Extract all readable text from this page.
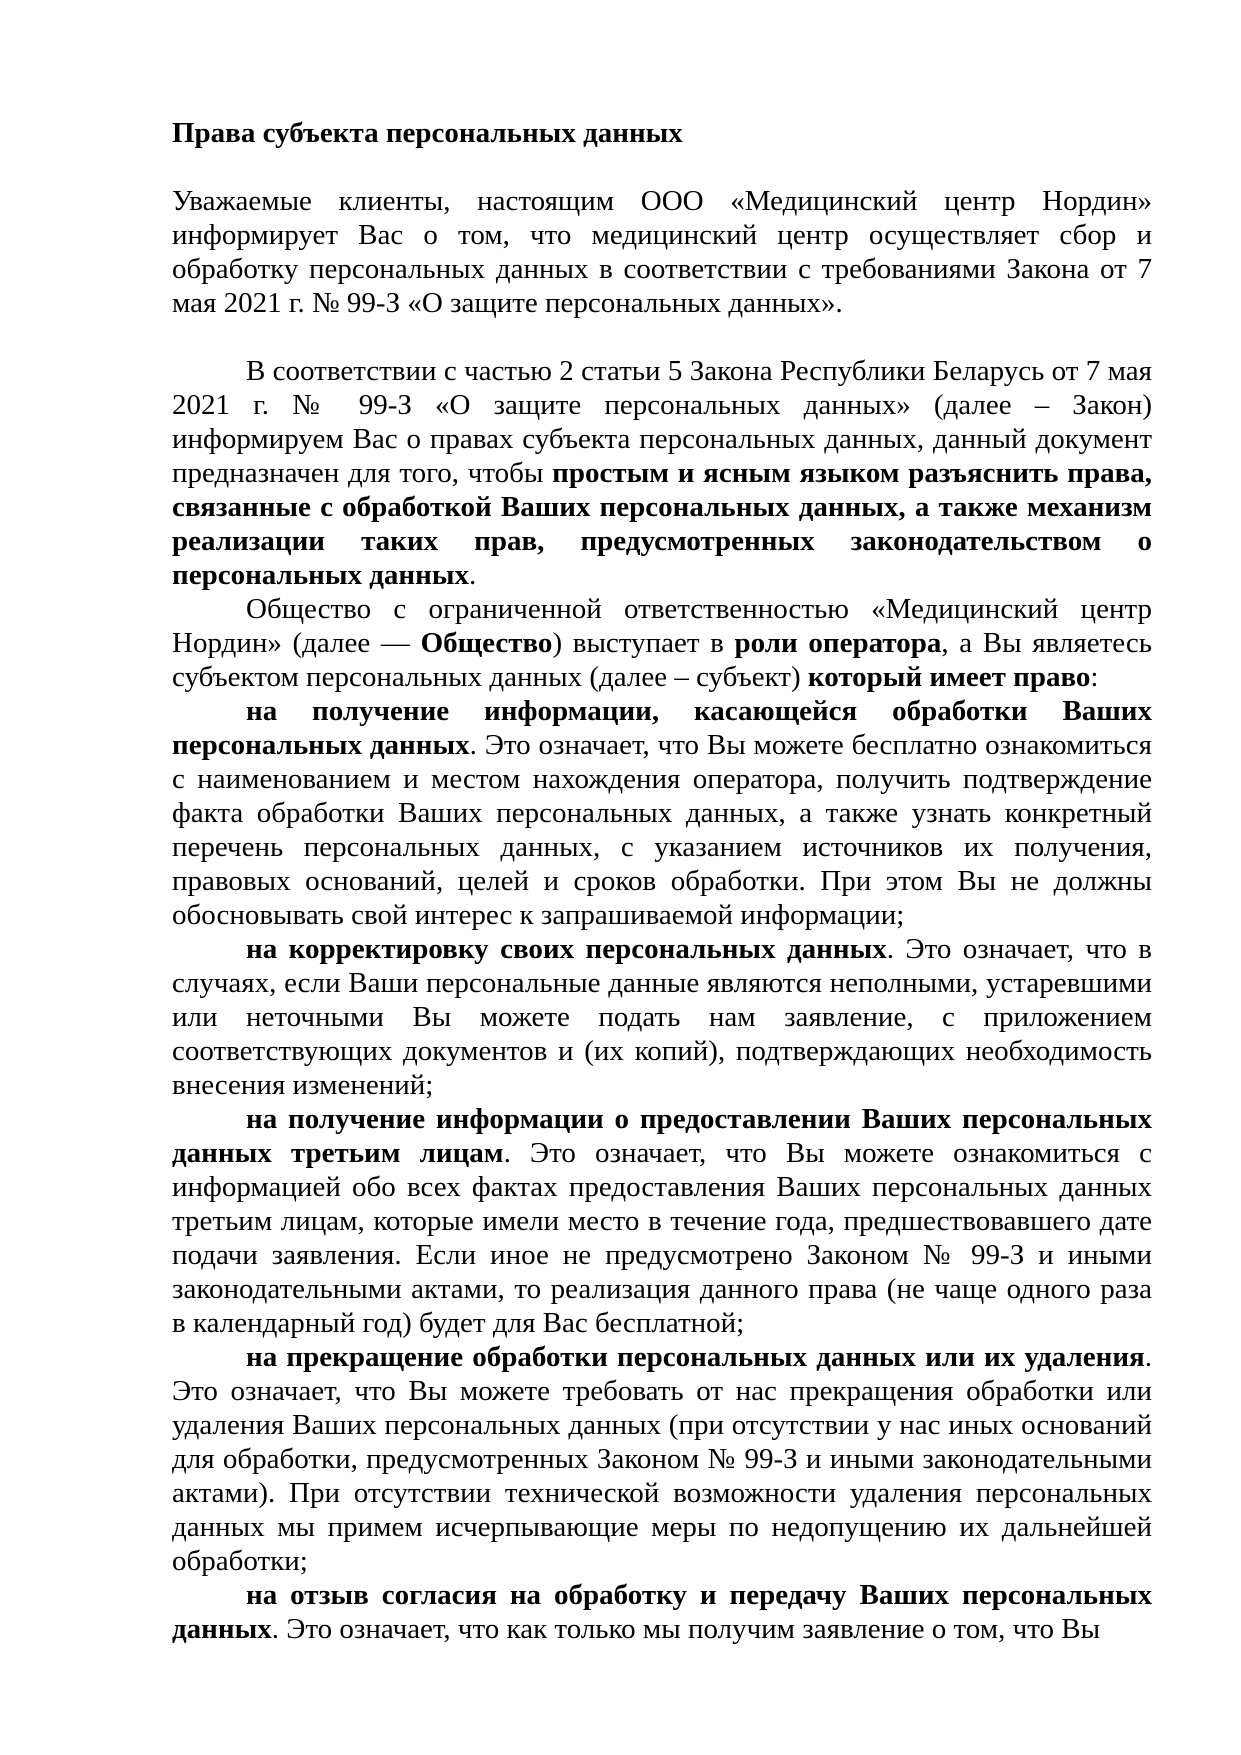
Права субъекта персональных данных

Уважаемые клиенты, настоящим ООО «Медицинский центр Нордин» информирует Вас о том, что медицинский центр осуществляет сбор и обработку персональных данных в соответствии с требованиями Закона от 7 мая 2021 г. № 99-З «О защите персональных данных».

В соответствии с частью 2 статьи 5 Закона Республики Беларусь от 7 мая 2021 г. № 99-З «О защите персональных данных» (далее – Закон) информируем Вас о правах субъекта персональных данных, данный документ предназначен для того, чтобы простым и ясным языком разъяснить права, связанные с обработкой Ваших персональных данных, а также механизм реализации таких прав, предусмотренных законодательством о персональных данных.

Общество с ограниченной ответственностью «Медицинский центр Нордин» (далее — Общество) выступает в роли оператора, а Вы являетесь субъектом персональных данных (далее – субъект) который имеет право:

на получение информации, касающейся обработки Ваших персональных данных. Это означает, что Вы можете бесплатно ознакомиться с наименованием и местом нахождения оператора, получить подтверждение факта обработки Ваших персональных данных, а также узнать конкретный перечень персональных данных, с указанием источников их получения, правовых оснований, целей и сроков обработки. При этом Вы не должны обосновывать свой интерес к запрашиваемой информации;

на корректировку своих персональных данных. Это означает, что в случаях, если Ваши персональные данные являются неполными, устаревшими или неточными Вы можете подать нам заявление, с приложением соответствующих документов и (их копий), подтверждающих необходимость внесения изменений;

на получение информации о предоставлении Ваших персональных данных третьим лицам. Это означает, что Вы можете ознакомиться с информацией обо всех фактах предоставления Ваших персональных данных третьим лицам, которые имели место в течение года, предшествовавшего дате подачи заявления. Если иное не предусмотрено Законом № 99-З и иными законодательными актами, то реализация данного права (не чаще одного раза в календарный год) будет для Вас бесплатной;

на прекращение обработки персональных данных или их удаления. Это означает, что Вы можете требовать от нас прекращения обработки или удаления Ваших персональных данных (при отсутствии у нас иных оснований для обработки, предусмотренных Законом № 99-З и иными законодательными актами). При отсутствии технической возможности удаления персональных данных мы примем исчерпывающие меры по недопущению их дальнейшей обработки;

на отзыв согласия на обработку и передачу Ваших персональных данных. Это означает, что как только мы получим заявление о том, что Вы
